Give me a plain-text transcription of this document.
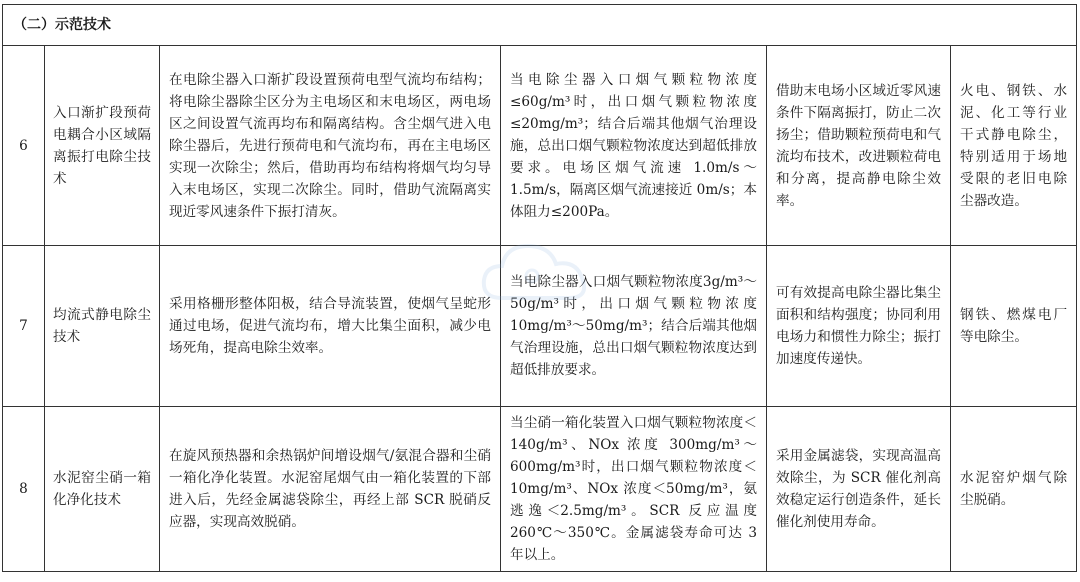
（二）示范技术					
6	入口渐扩段预荷电耦合小区域隔离振打电除尘技术	在电除尘器入口渐扩段设置预荷电型气流均布结构；将电除尘器除尘区分为主电场区和末电场区，两电场区之间设置气流再均布和隔离结构。含尘烟气进入电除尘器后，先进行预荷电和气流均布，再在主电场区实现一次除尘；然后，借助再均布结构将烟气均匀导入末电场区，实现二次除尘。同时，借助气流隔离实现近零风速条件下振打清灰。	当电除尘器入口烟气颗粒物浓度≤60g/m³时，出口烟气颗粒物浓度≤20mg/m³；结合后端其他烟气治理设施，总出口烟气颗粒物浓度达到超低排放要求。电场区烟气流速 1.0m/s～1.5m/s，隔离区烟气流速接近 0m/s；本体阻力≤200Pa。	借助末电场小区域近零风速条件下隔离振打，防止二次扬尘；借助颗粒预荷电和气流均布技术，改进颗粒荷电和分离，提高静电除尘效率。	火电、钢铁、水泥、化工等行业干式静电除尘，特别适用于场地受限的老旧电除尘器改造。

7	均流式静电除尘技术	采用格栅形整体阳极，结合导流装置，使烟气呈蛇形通过电场，促进气流均布，增大比集尘面积，减少电场死角，提高电除尘效率。	当电除尘器入口烟气颗粒物浓度3g/m³～50g/m³时，出口烟气颗粒物浓度 10mg/m³～50mg/m³；结合后端其他烟气治理设施，总出口烟气颗粒物浓度达到超低排放要求。	可有效提高电除尘器比集尘面积和结构强度；协同利用电场力和惯性力除尘；振打加速度传递快。	钢铁、燃煤电厂等电除尘。

8	水泥窑尘硝一箱化净化技术	在旋风预热器和余热锅炉间增设烟气/氨混合器和尘硝一箱化净化装置。水泥窑尾烟气由一箱化装置的下部进入后，先经金属滤袋除尘，再经上部 SCR 脱硝反应器，实现高效脱硝。	当尘硝一箱化装置入口烟气颗粒物浓度＜140g/m³、NOx 浓度 300mg/m³～600mg/m³时，出口烟气颗粒物浓度＜10mg/m³、NOx 浓度＜50mg/m³，氨逃逸＜2.5mg/m³。SCR 反应温度 260℃～350℃。金属滤袋寿命可达 3 年以上。	采用金属滤袋，实现高温高效除尘，为 SCR 催化剂高效稳定运行创造条件，延长催化剂使用寿命。	水泥窑炉烟气除尘脱硝。
